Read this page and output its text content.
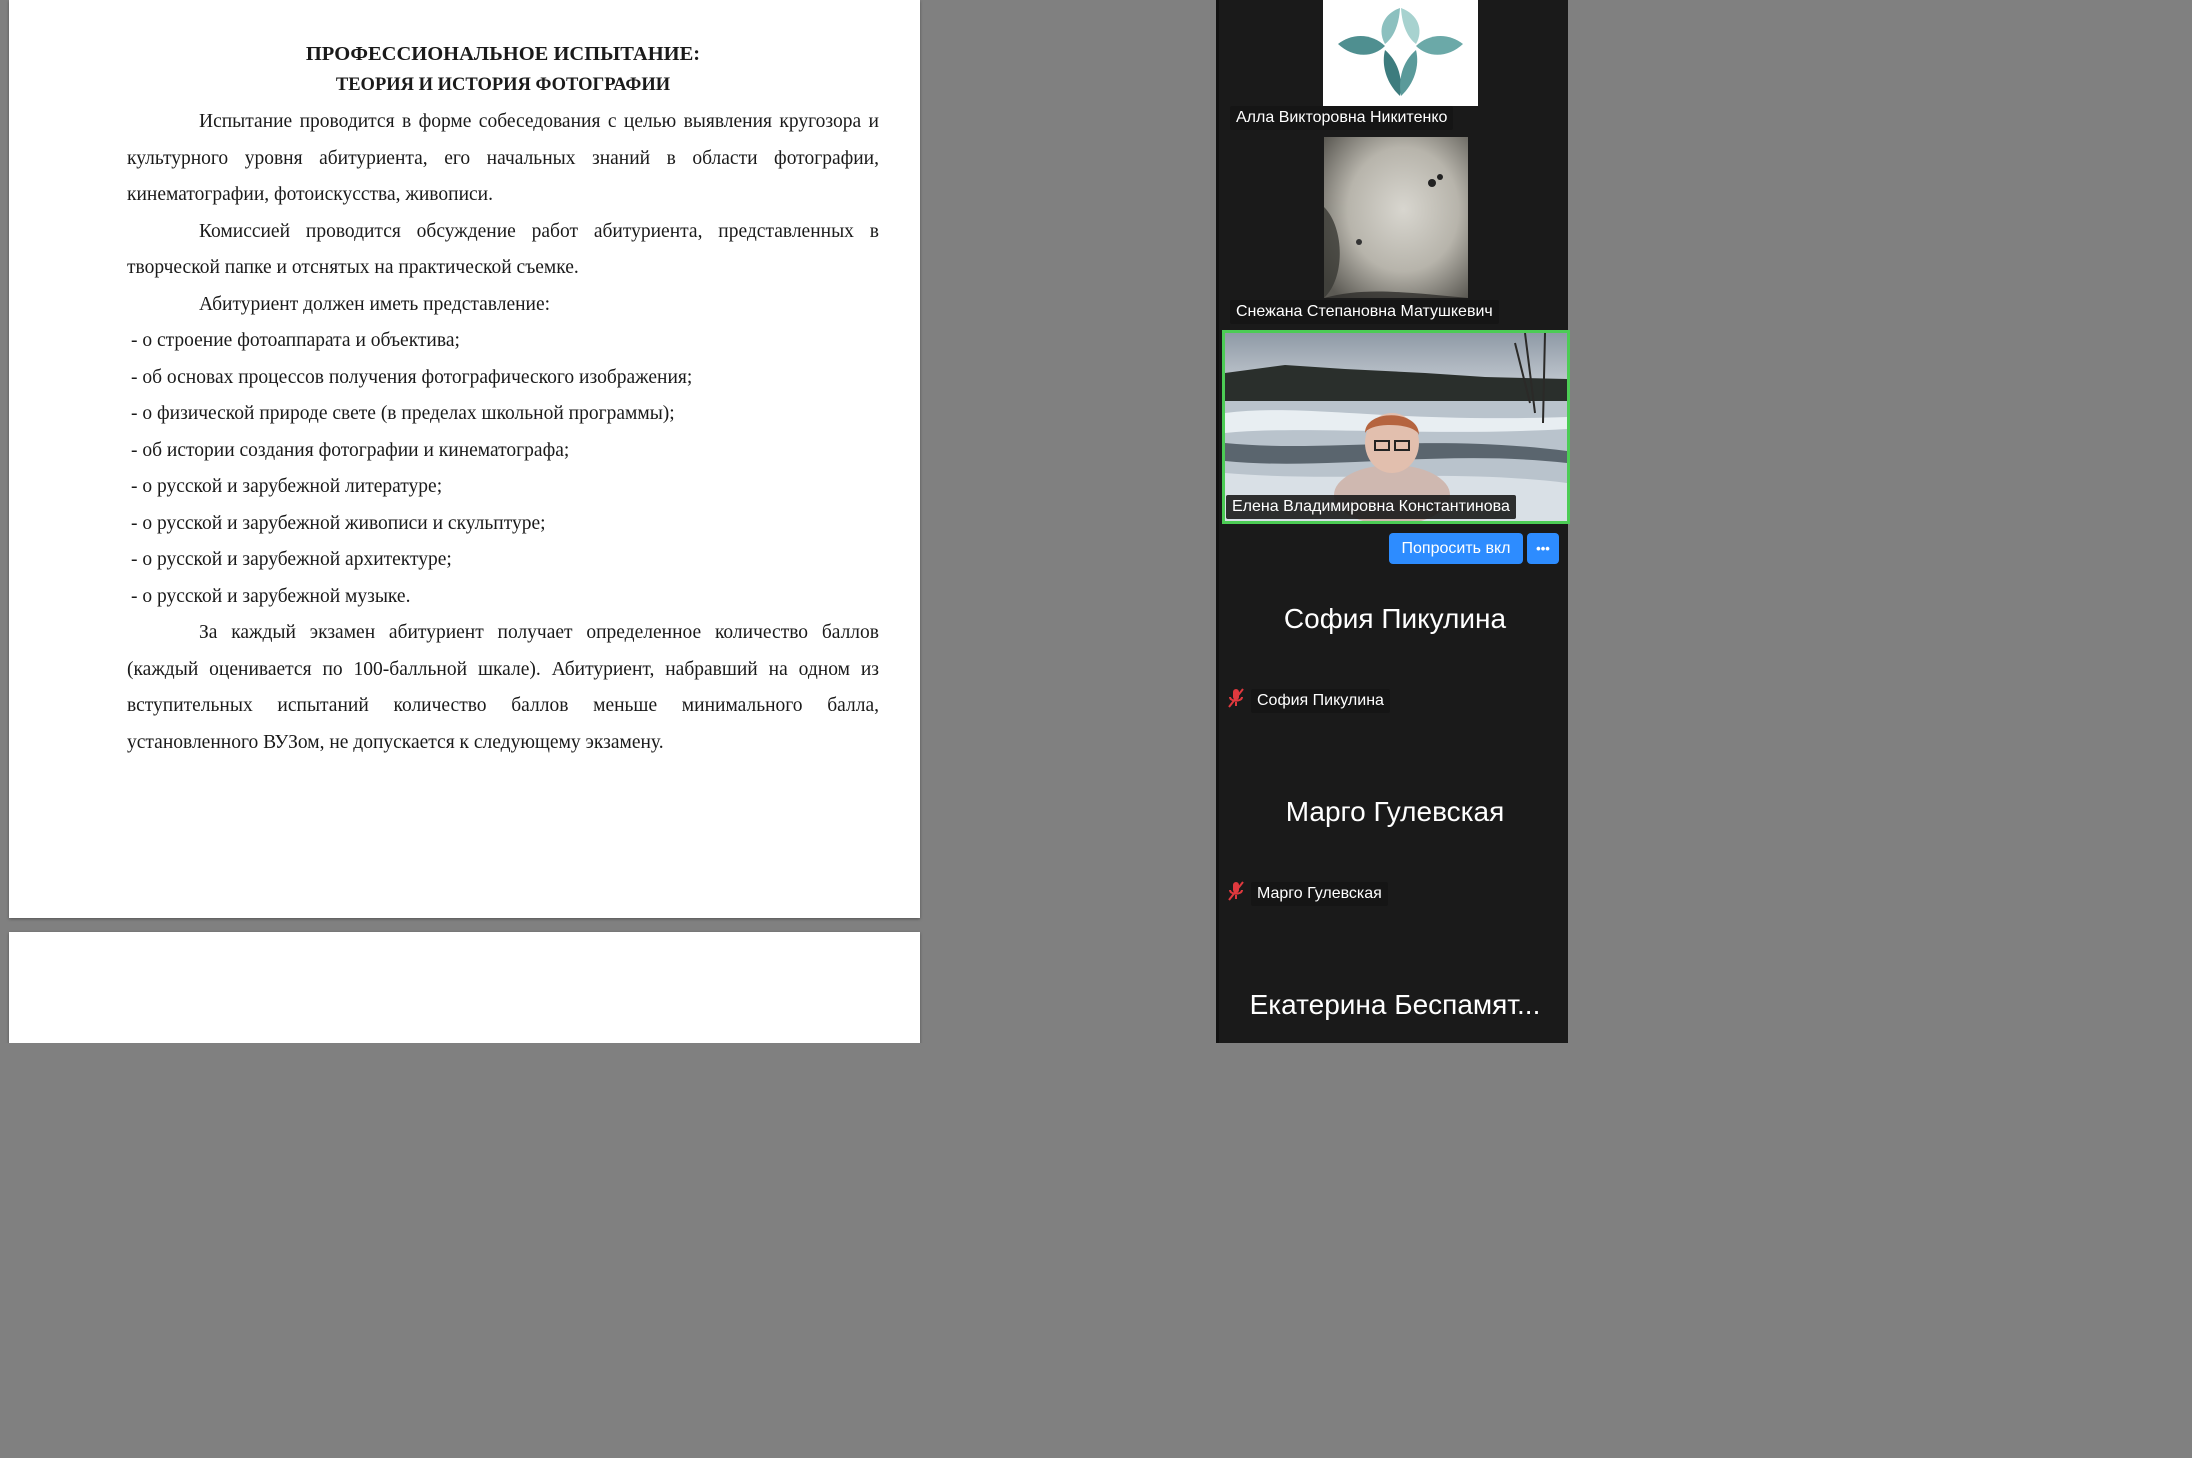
ПРОФЕССИОНАЛЬНОЕ ИСПЫТАНИЕ:

ТЕОРИЯ И ИСТОРИЯ ФОТОГРАФИИ

Испытание проводится в форме собеседования с целью выявления кругозора и культурного уровня абитуриента, его начальных знаний в области фотографии, кинематографии, фотоискусства, живописи.

Комиссией проводится обсуждение работ абитуриента, представленных в творческой папке и отснятых на практической съемке.

Абитуриент должен иметь представление:

- о строение фотоаппарата и объектива;
- об основах процессов получения фотографического изображения;
- о физической природе свете (в пределах школьной программы);
- об истории создания фотографии и кинематографа;
- о русской и зарубежной литературе;
- о русской и зарубежной живописи и скульптуре;
- о русской и зарубежной архитектуре;
- о русской и зарубежной музыке.

За каждый экзамен абитуриент получает определенное количество баллов (каждый оценивается по 100-балльной шкале). Абитуриент, набравший на одном из вступительных испытаний количество баллов меньше минимального балла, установленного ВУЗом, не допускается к следующему экзамену.

Алла Викторовна Никитенко
Снежана Степановна Матушкевич
Елена Владимировна Константинова
Попросить вкл	•••
София Пикулина
София Пикулина
Марго Гулевская
Марго Гулевская
Екатерина Беспамят...
